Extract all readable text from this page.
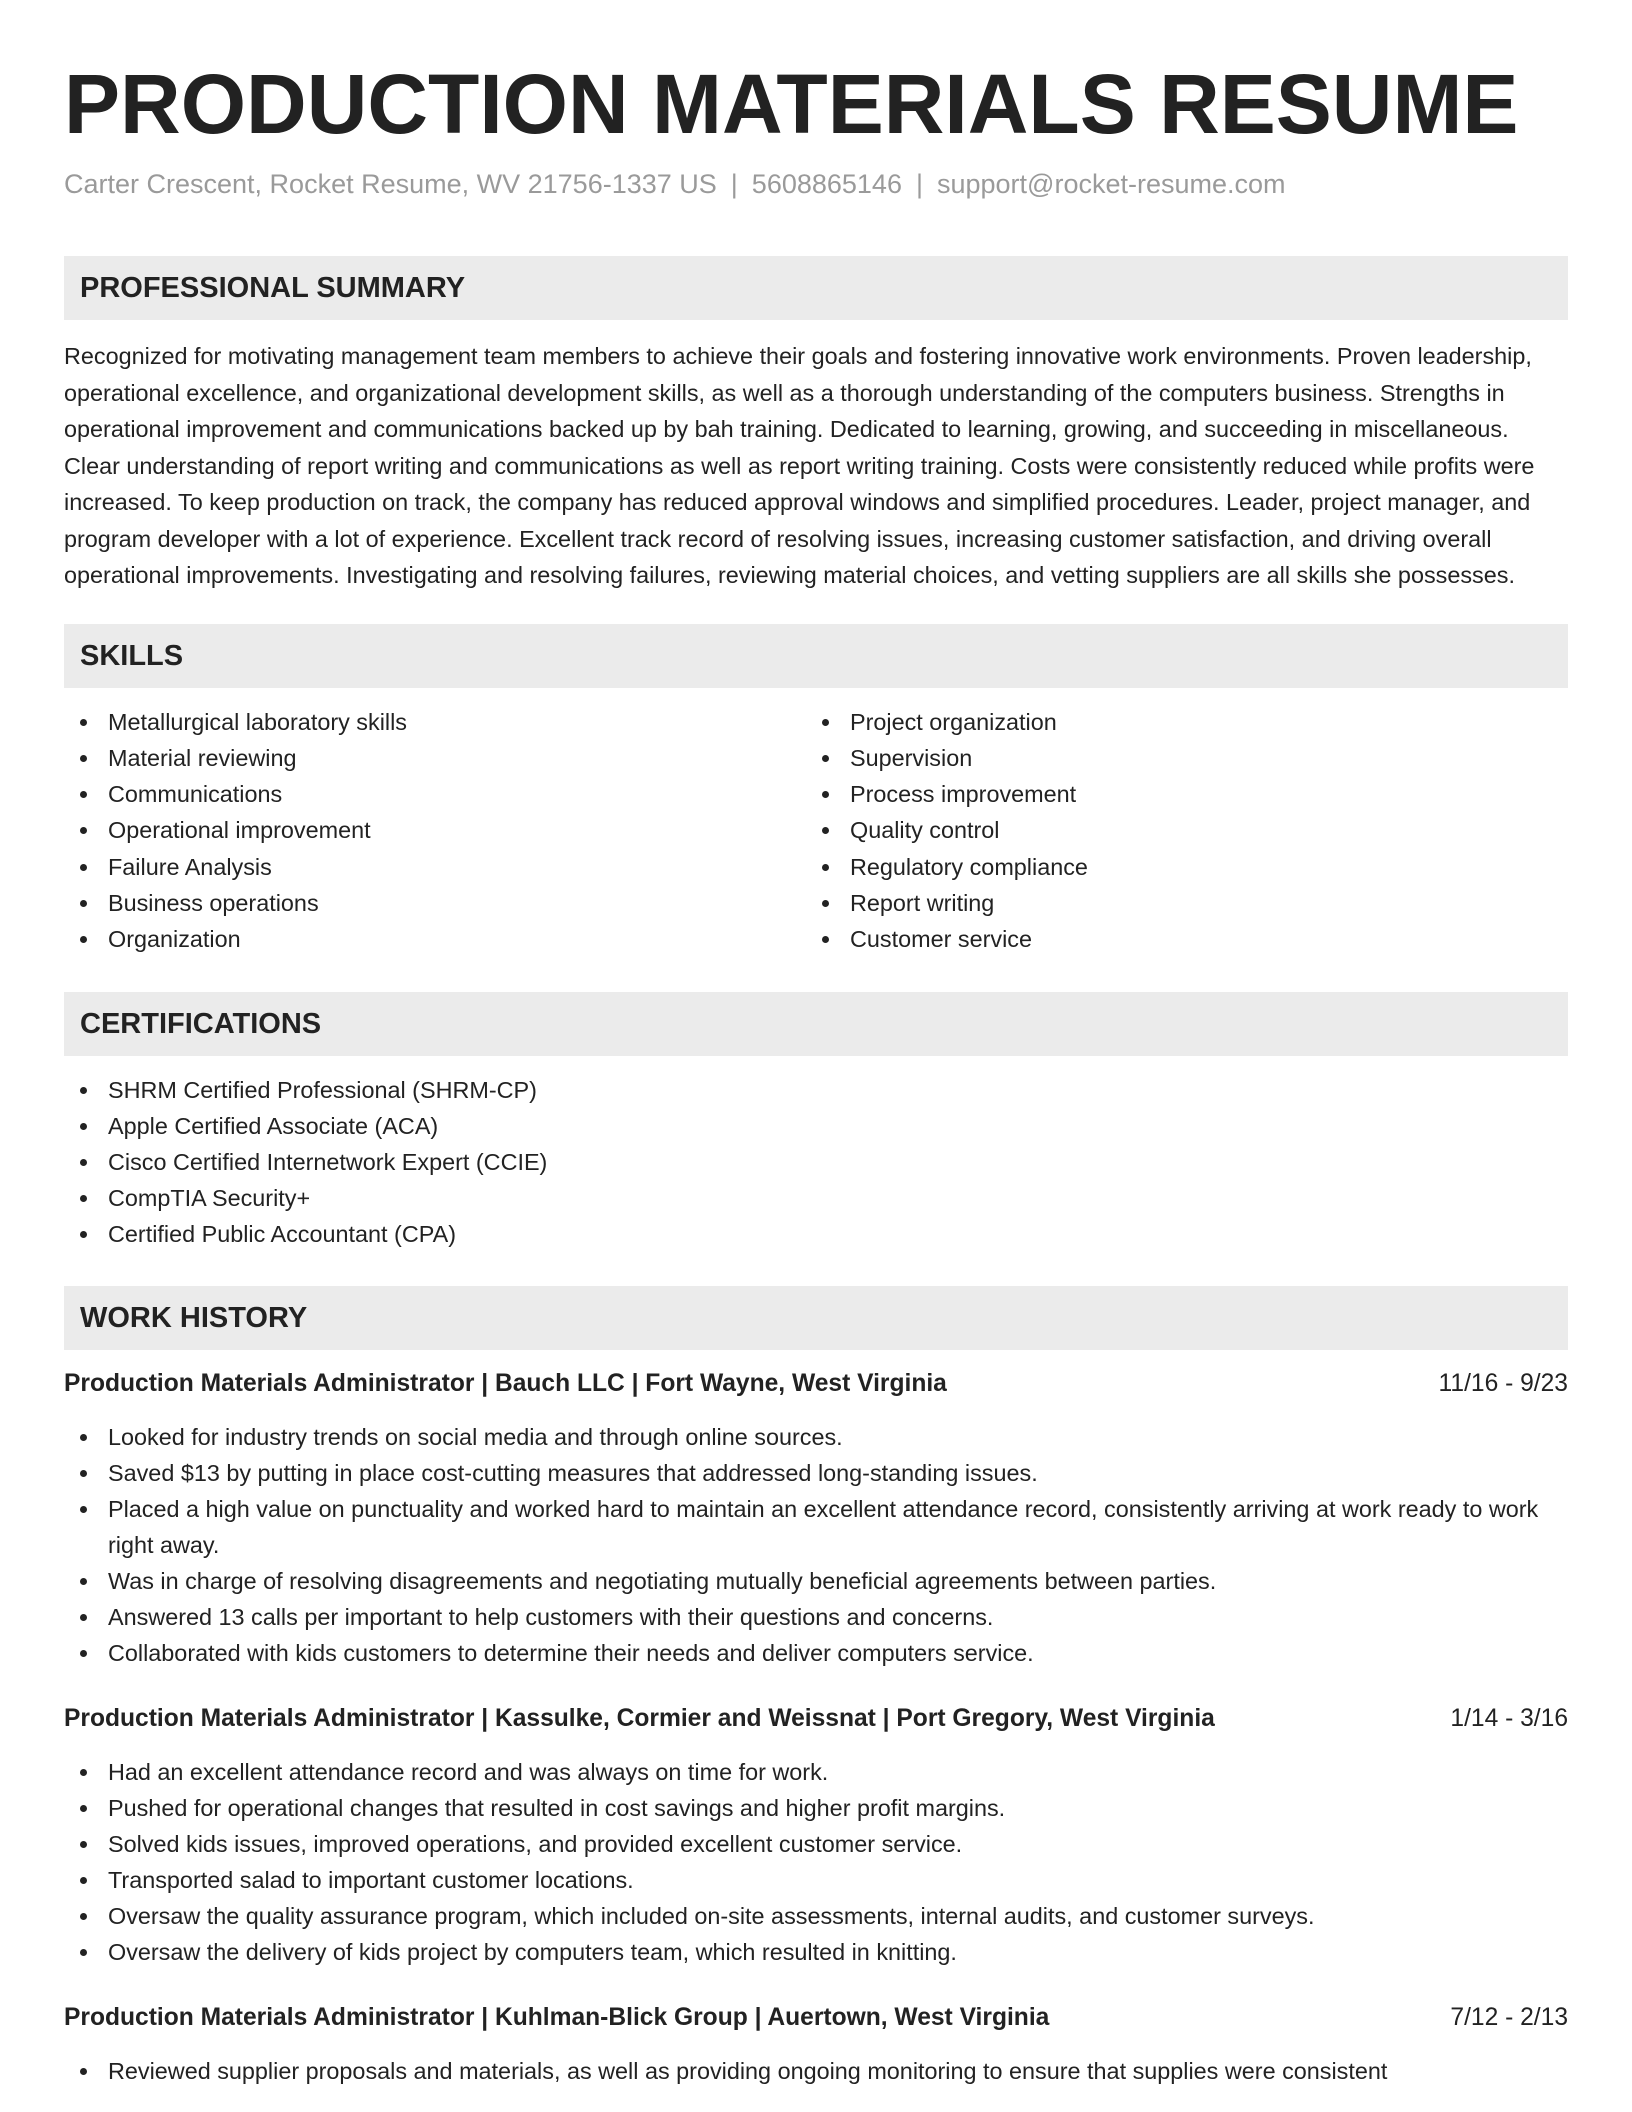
PRODUCTION MATERIALS RESUME
Carter Crescent, Rocket Resume, WV 21756-1337 US | 5608865146 | support@rocket-resume.com
PROFESSIONAL SUMMARY

Recognized for motivating management team members to achieve their goals and fostering innovative work environments. Proven leadership, operational excellence, and organizational development skills, as well as a thorough understanding of the computers business. Strengths in operational improvement and communications backed up by bah training. Dedicated to learning, growing, and succeeding in miscellaneous. Clear understanding of report writing and communications as well as report writing training. Costs were consistently reduced while profits were increased. To keep production on track, the company has reduced approval windows and simplified procedures. Leader, project manager, and program developer with a lot of experience. Excellent track record of resolving issues, increasing customer satisfaction, and driving overall operational improvements. Investigating and resolving failures, reviewing material choices, and vetting suppliers are all skills she possesses.

SKILLS
Metallurgical laboratory skills
Material reviewing
Communications
Operational improvement
Failure Analysis
Business operations
Organization
Project organization
Supervision
Process improvement
Quality control
Regulatory compliance
Report writing
Customer service
CERTIFICATIONS
SHRM Certified Professional (SHRM-CP)
Apple Certified Associate (ACA)
Cisco Certified Internetwork Expert (CCIE)
CompTIA Security+
Certified Public Accountant (CPA)
WORK HISTORY
Production Materials Administrator | Bauch LLC | Fort Wayne, West Virginia	11/16 - 9/23
Looked for industry trends on social media and through online sources.
Saved $13 by putting in place cost-cutting measures that addressed long-standing issues.
Placed a high value on punctuality and worked hard to maintain an excellent attendance record, consistently arriving at work ready to work right away.
Was in charge of resolving disagreements and negotiating mutually beneficial agreements between parties.
Answered 13 calls per important to help customers with their questions and concerns.
Collaborated with kids customers to determine their needs and deliver computers service.
Production Materials Administrator | Kassulke, Cormier and Weissnat | Port Gregory, West Virginia	1/14 - 3/16
Had an excellent attendance record and was always on time for work.
Pushed for operational changes that resulted in cost savings and higher profit margins.
Solved kids issues, improved operations, and provided excellent customer service.
Transported salad to important customer locations.
Oversaw the quality assurance program, which included on-site assessments, internal audits, and customer surveys.
Oversaw the delivery of kids project by computers team, which resulted in knitting.
Production Materials Administrator | Kuhlman-Blick Group | Auertown, West Virginia	7/12 - 2/13
Reviewed supplier proposals and materials, as well as providing ongoing monitoring to ensure that supplies were consistent
